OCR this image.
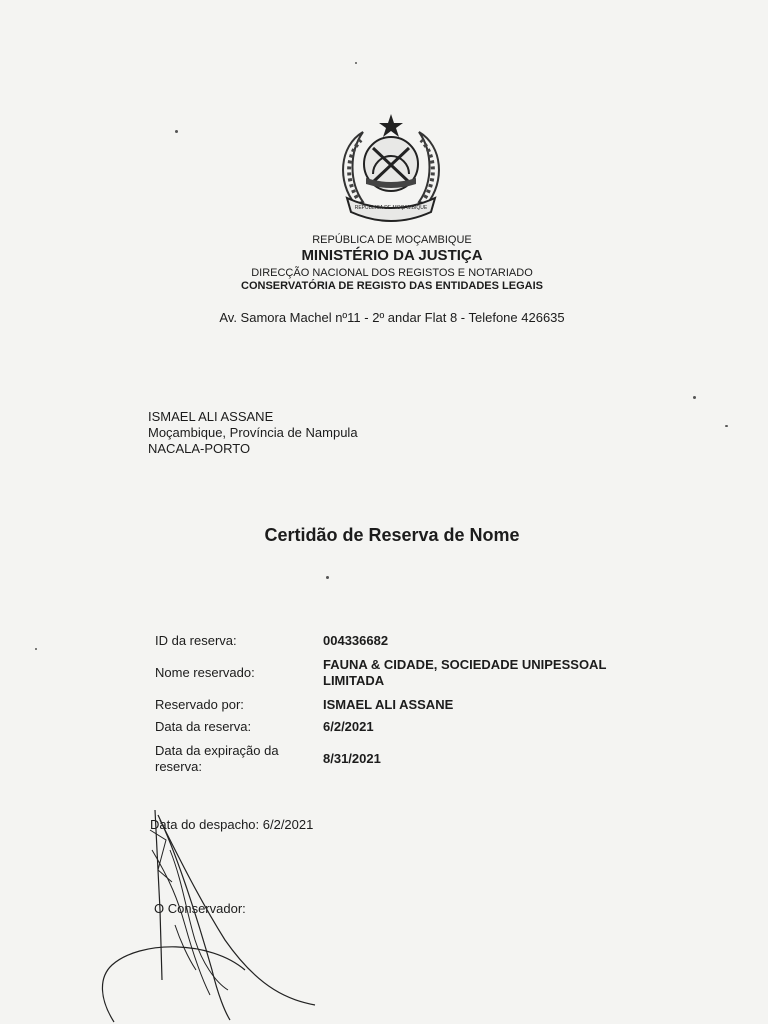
REPÚBLICA DE MOÇAMBIQUE
REPÚBLICA DE MOÇAMBIQUE
MINISTÉRIO DA JUSTIÇA
DIRECÇÃO NACIONAL DOS REGISTOS E NOTARIADO
CONSERVATÓRIA DE REGISTO DAS ENTIDADES LEGAIS
Av. Samora Machel nº11 - 2º andar Flat 8 - Telefone 426635
ISMAEL ALI ASSANE
Moçambique, Província de Nampula
NACALA-PORTO
Certidão de Reserva de Nome
ID da reserva:	004336682
Nome reservado:
FAUNA & CIDADE, SOCIEDADE UNIPESSOAL LIMITADA
Reservado por:	ISMAEL ALI ASSANE
Data da reserva:	6/2/2021
Data da expiração da reserva:
8/31/2021
Data do despacho: 6/2/2021
O Conservador:
